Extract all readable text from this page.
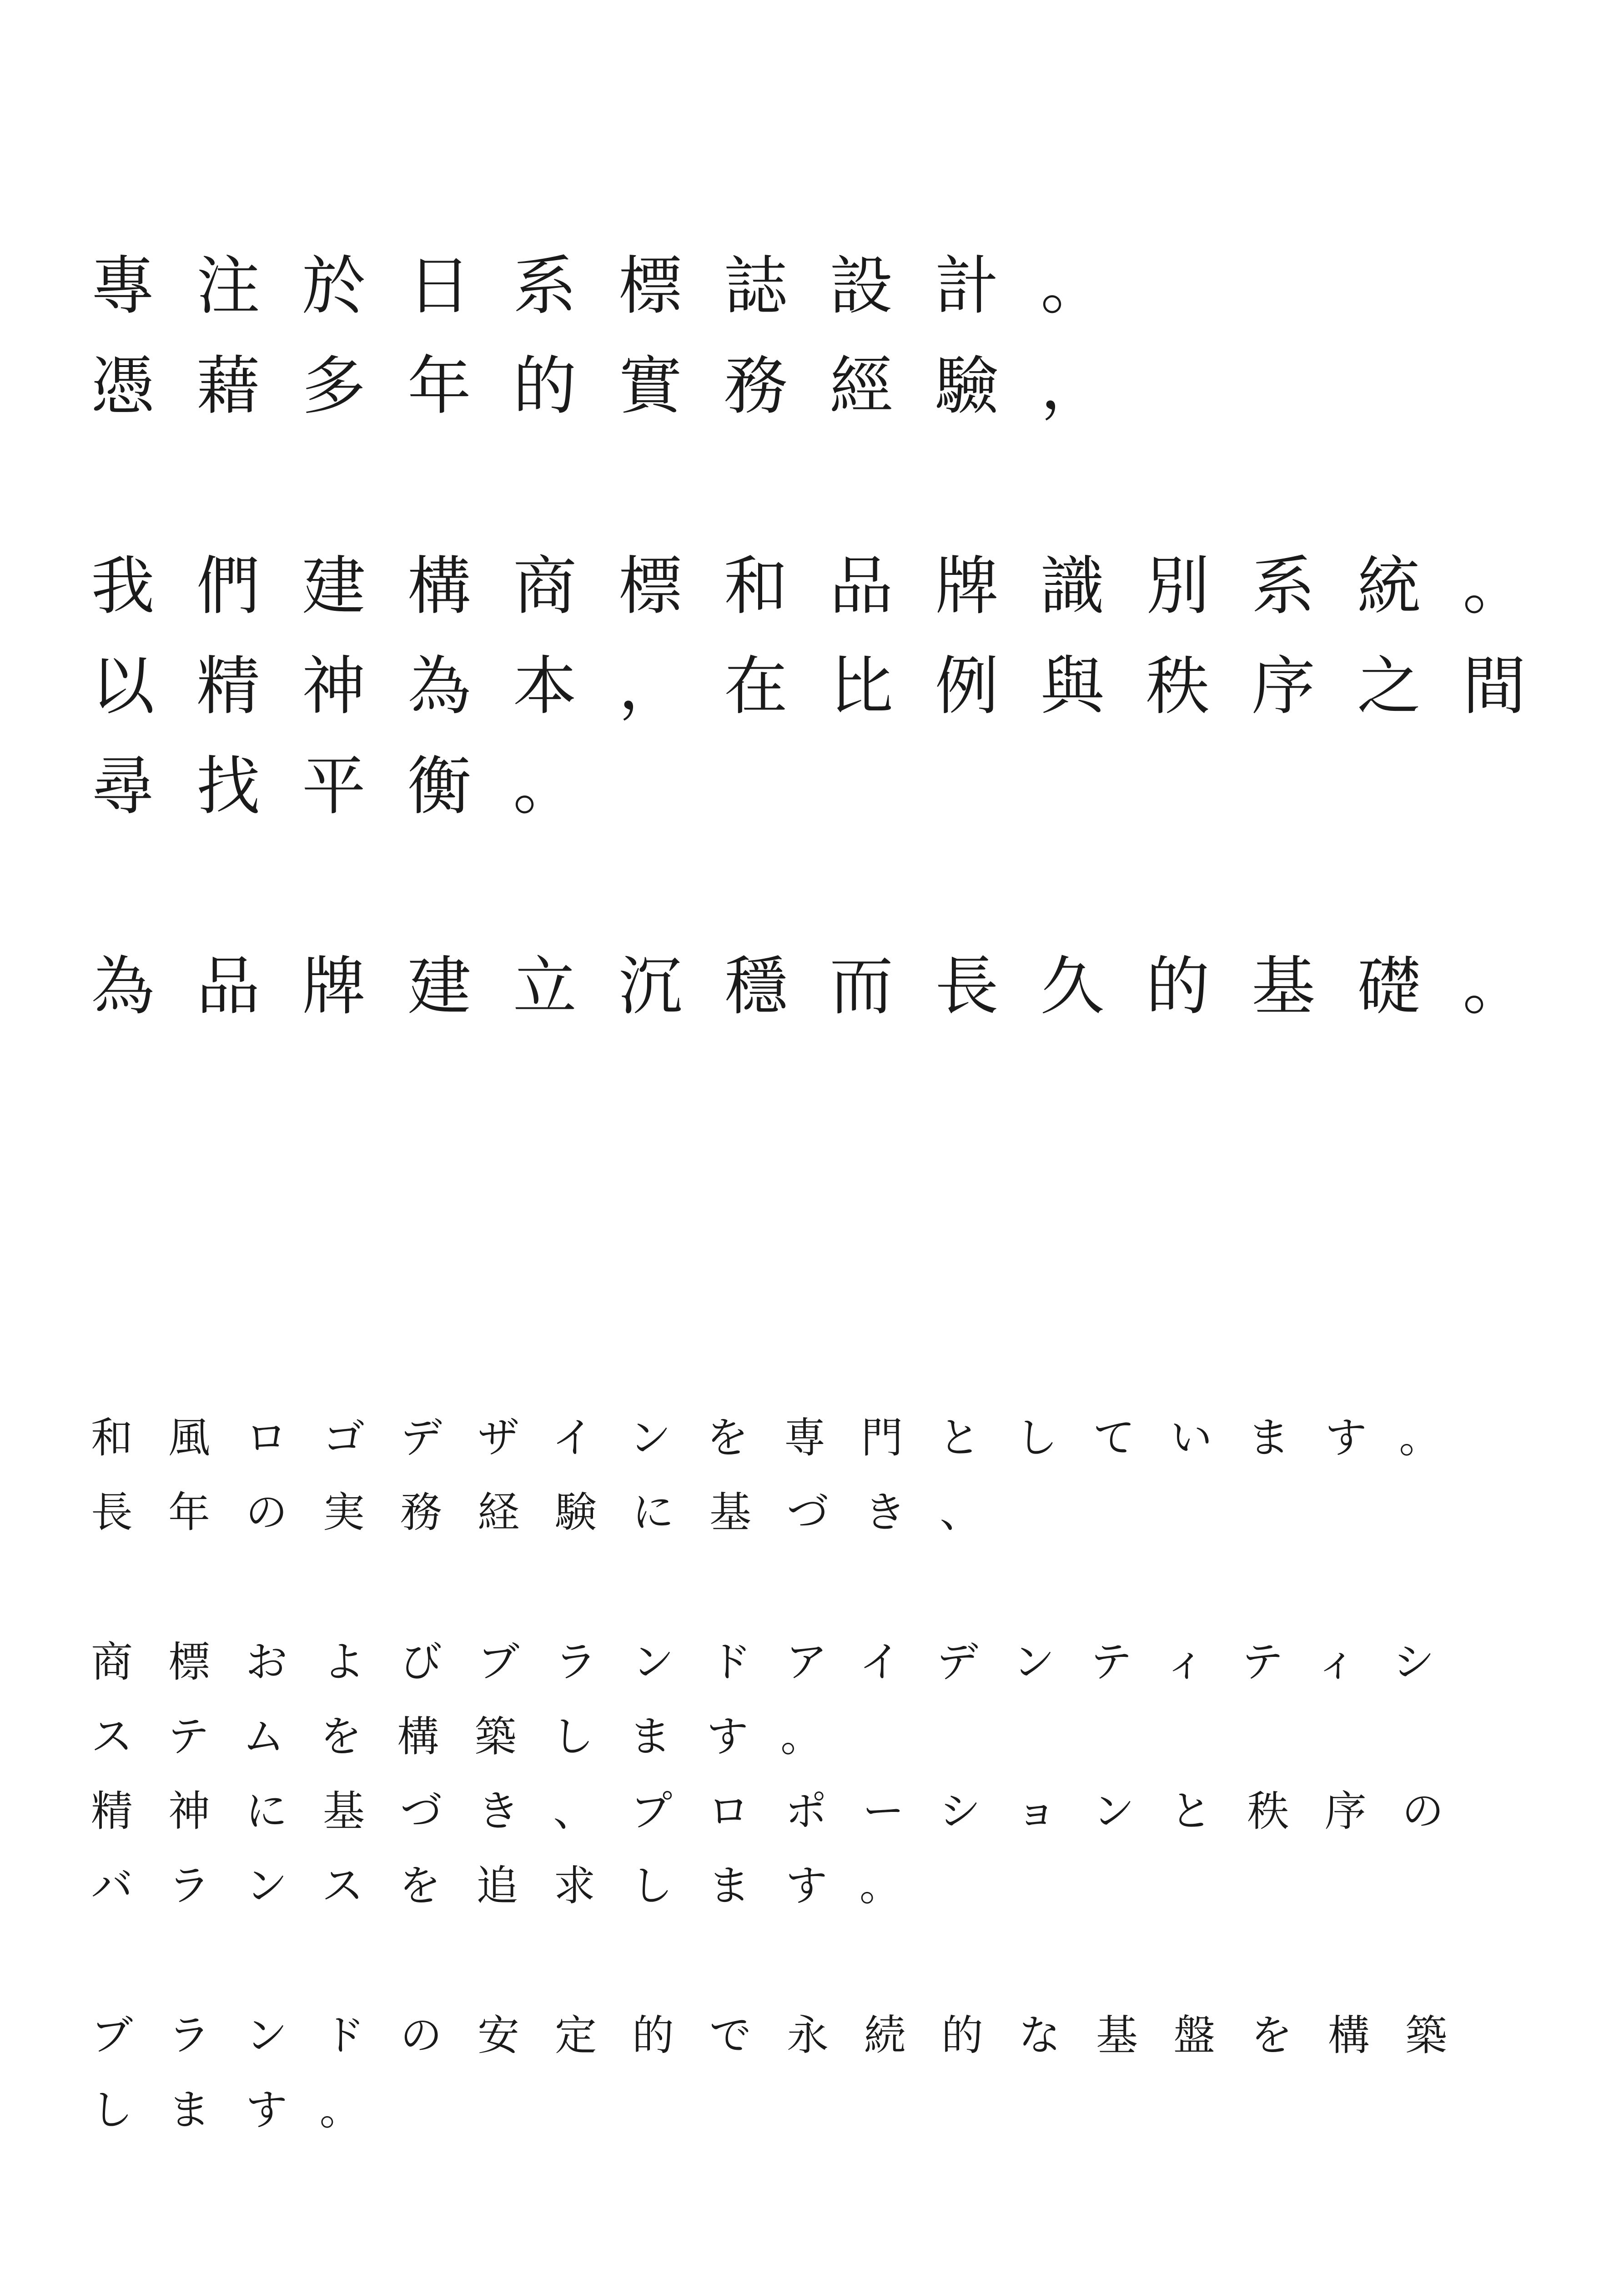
專注於日系標誌設計。
憑藉多年的實務經驗，
我們建構商標和品牌識別系統。
以精神為本，在比例與秩序之間
尋找平衡。
為品牌建立沉穩而長久的基礎。
和風ロゴデザインを専門としています。
長年の実務経験に基づき、
商標およびブランドアイデンティティシ
ステムを構築します。
精神に基づき、プロポーションと秩序の
バランスを追求します。
ブランドの安定的で永続的な基盤を構築
します。
